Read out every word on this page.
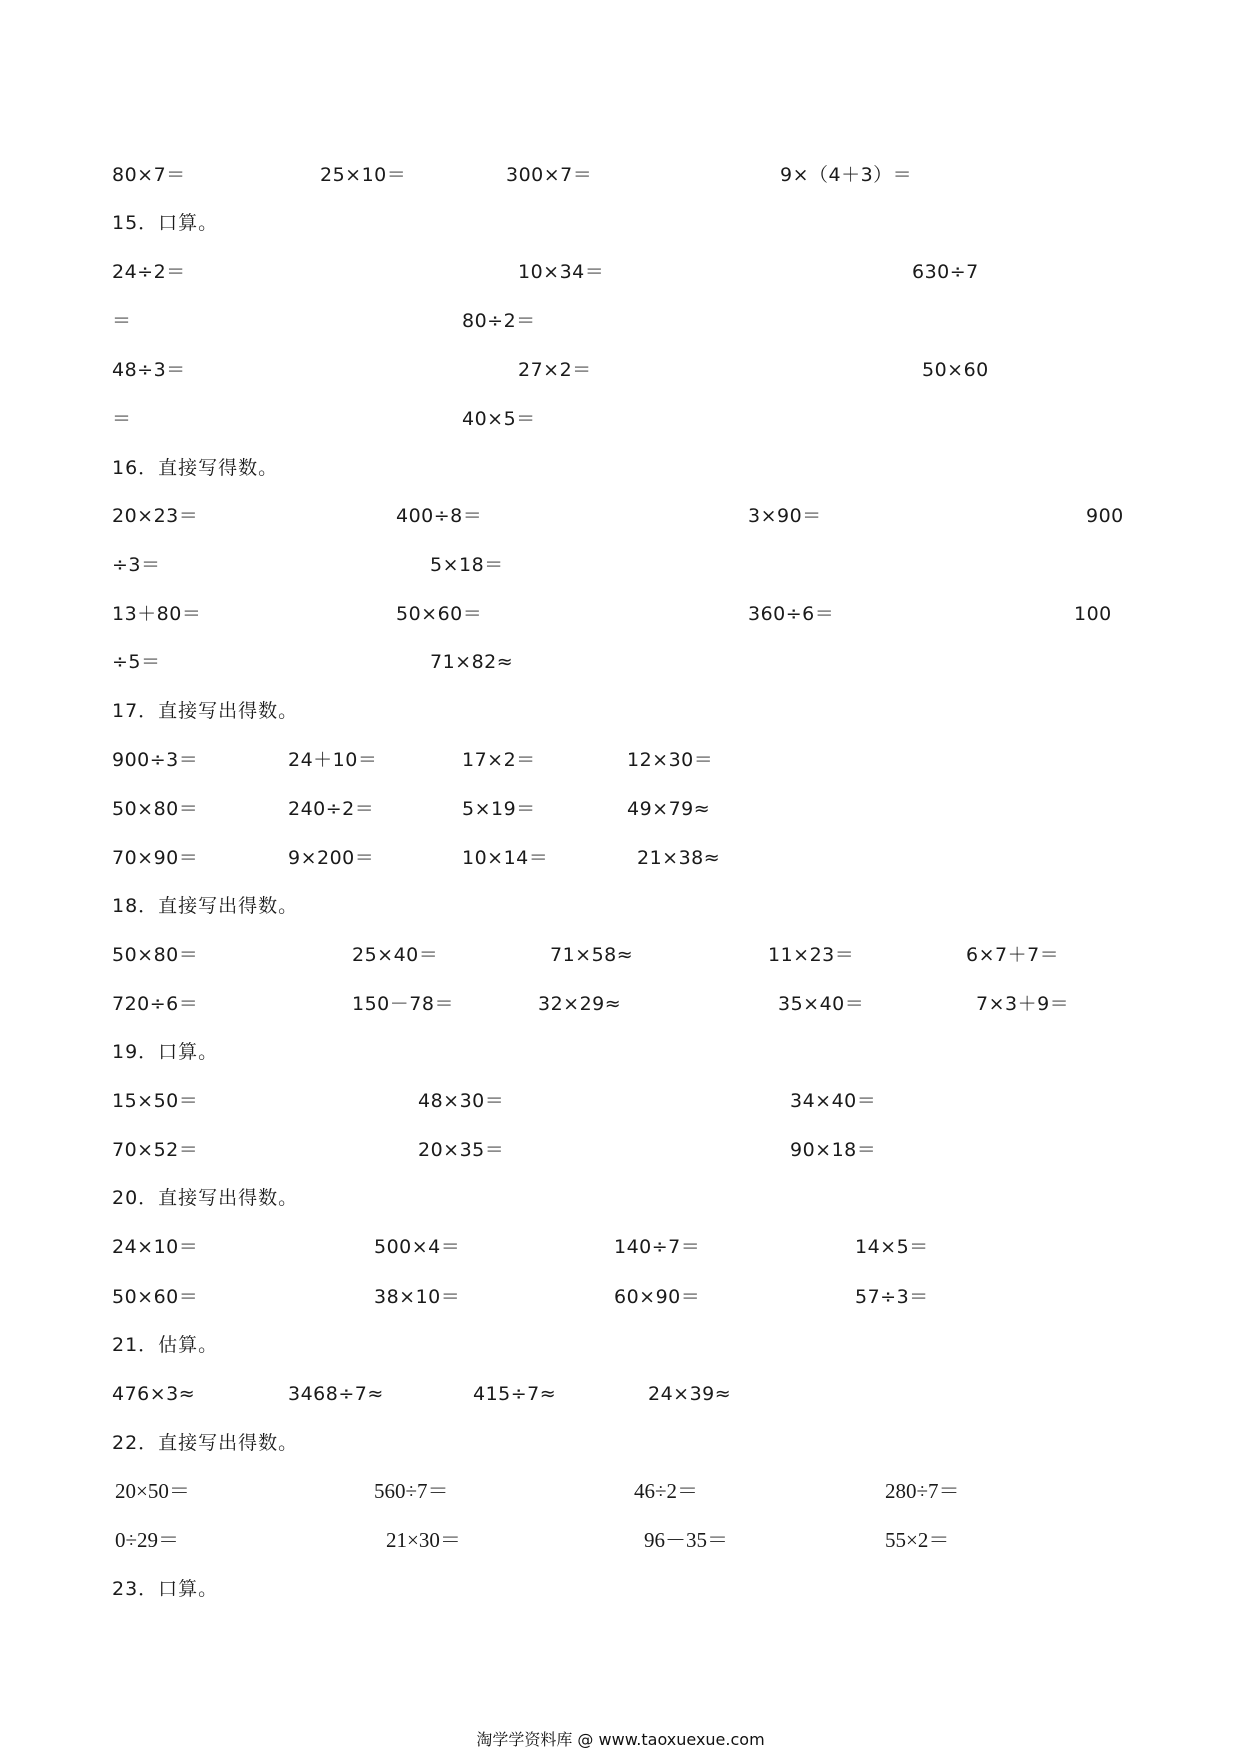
80×7＝	25×10＝	300×7＝	9×（4＋3）＝
15．口算。
24÷2＝	10×34＝	630÷7
＝	80÷2＝
48÷3＝	27×2＝	50×60
＝	40×5＝
16．直接写得数。
20×23＝	400÷8＝	3×90＝	900
÷3＝	5×18＝
13＋80＝	50×60＝	360÷6＝	100
÷5＝	71×82≈
17．直接写出得数。
900÷3＝	24＋10＝	17×2＝	12×30＝
50×80＝	240÷2＝	5×19＝	49×79≈
70×90＝	9×200＝	10×14＝	21×38≈
18．直接写出得数。
50×80＝	25×40＝	71×58≈	11×23＝	6×7＋7＝
720÷6＝	150－78＝	32×29≈	35×40＝	7×3＋9＝
19．口算。
15×50＝	48×30＝	34×40＝
70×52＝	20×35＝	90×18＝
20．直接写出得数。
24×10＝	500×4＝	140÷7＝	14×5＝
50×60＝	38×10＝	60×90＝	57÷3＝
21．估算。
476×3≈	3468÷7≈	415÷7≈	24×39≈
22．直接写出得数。
20×50＝	560÷7＝	46÷2＝	280÷7＝
0÷29＝	21×30＝	96－35＝	55×2＝
23．口算。
淘学学资料库 @ www.taoxuexue.com
